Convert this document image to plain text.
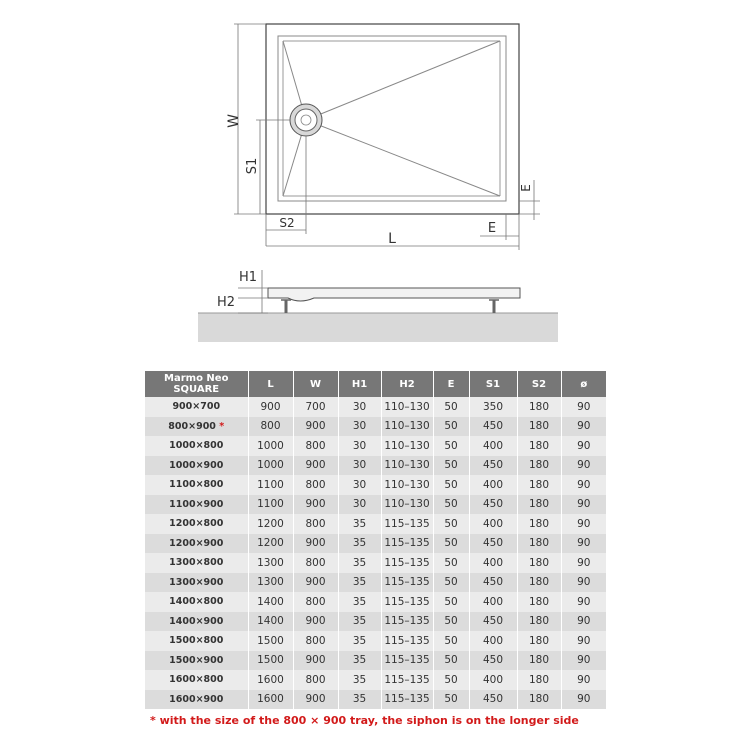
W
S1
S2
L
E
E
H1
H2
Marmo Neo SQUARE	L	W	H1	H2	E	S1	S2	ø
900×700	900	700	30	110–130	50	350	180	90
800×900 *	800	900	30	110–130	50	450	180	90
1000×800	1000	800	30	110–130	50	400	180	90
1000×900	1000	900	30	110–130	50	450	180	90
1100×800	1100	800	30	110–130	50	400	180	90
1100×900	1100	900	30	110–130	50	450	180	90
1200×800	1200	800	35	115–135	50	400	180	90
1200×900	1200	900	35	115–135	50	450	180	90
1300×800	1300	800	35	115–135	50	400	180	90
1300×900	1300	900	35	115–135	50	450	180	90
1400×800	1400	800	35	115–135	50	400	180	90
1400×900	1400	900	35	115–135	50	450	180	90
1500×800	1500	800	35	115–135	50	400	180	90
1500×900	1500	900	35	115–135	50	450	180	90
1600×800	1600	800	35	115–135	50	400	180	90
1600×900	1600	900	35	115–135	50	450	180	90
* with the size of the 800 × 900 tray, the siphon is on the longer side
